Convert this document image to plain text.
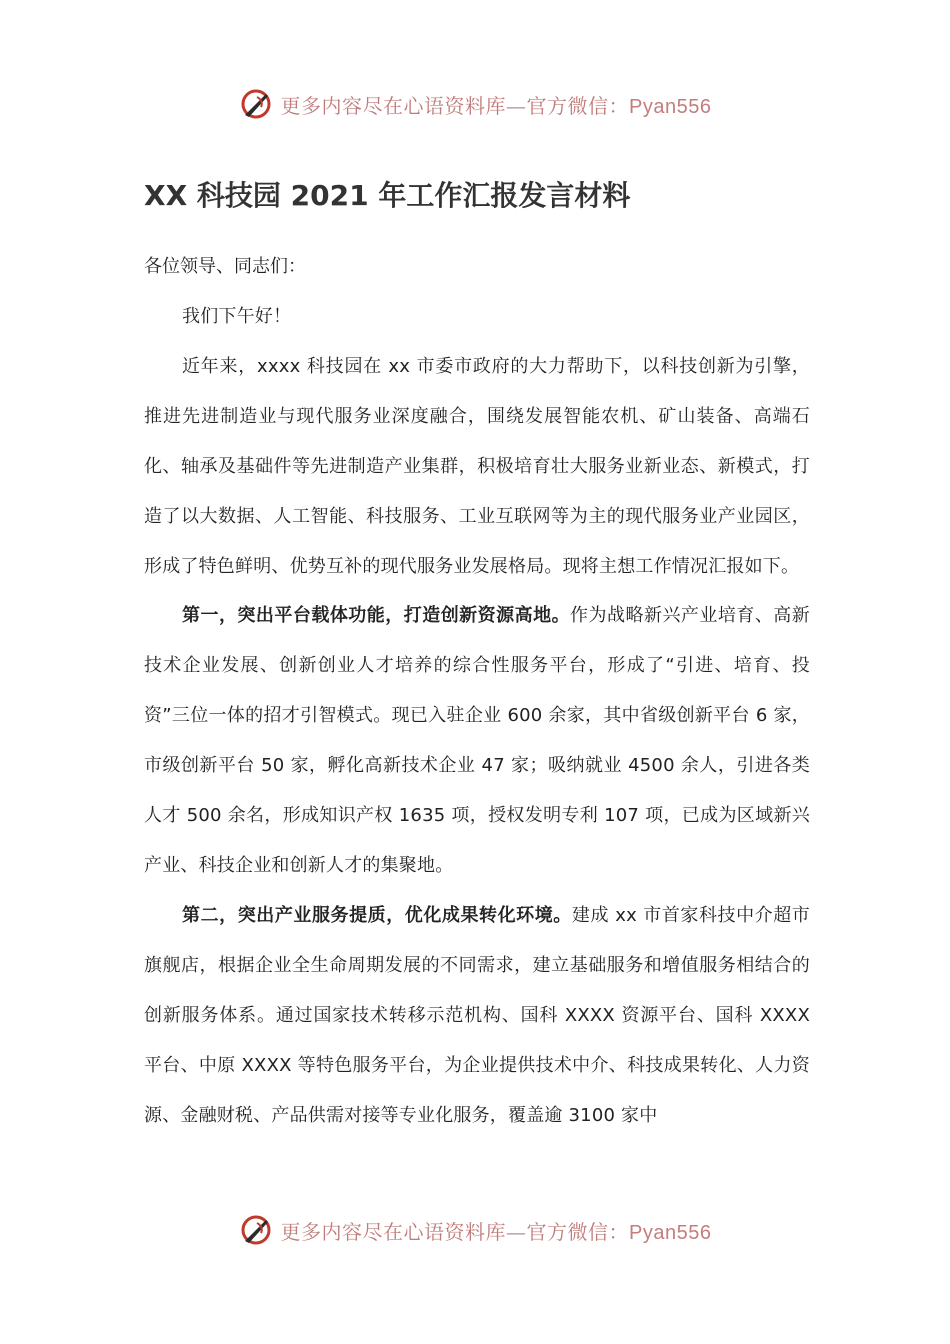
更多内容尽在心语资料库—官方微信：Pyan556
XX 科技园 2021 年工作汇报发言材料

各位领导、同志们：

我们下午好！

近年来，xxxx 科技园在 xx 市委市政府的大力帮助下，以科技创新为引擎，推进先进制造业与现代服务业深度融合，围绕发展智能农机、矿山装备、高端石化、轴承及基础件等先进制造产业集群，积极培育壮大服务业新业态、新模式，打造了以大数据、人工智能、科技服务、工业互联网等为主的现代服务业产业园区，形成了特色鲜明、优势互补的现代服务业发展格局。现将主想工作情况汇报如下。

第一，突出平台载体功能，打造创新资源高地。作为战略新兴产业培育、高新技术企业发展、创新创业人才培养的综合性服务平台，形成了“引进、培育、投资”三位一体的招才引智模式。现已入驻企业 600 余家，其中省级创新平台 6 家，市级创新平台 50 家，孵化高新技术企业 47 家；吸纳就业 4500 余人，引进各类人才 500 余名，形成知识产权 1635 项，授权发明专利 107 项，已成为区域新兴产业、科技企业和创新人才的集聚地。

第二，突出产业服务提质，优化成果转化环境。建成 xx 市首家科技中介超市旗舰店，根据企业全生命周期发展的不同需求，建立基础服务和增值服务相结合的创新服务体系。通过国家技术转移示范机构、国科 XXXX 资源平台、国科 XXXX 平台、中原 XXXX 等特色服务平台，为企业提供技术中介、科技成果转化、人力资源、金融财税、产品供需对接等专业化服务，覆盖逾 3100 家中

更多内容尽在心语资料库—官方微信：Pyan556
